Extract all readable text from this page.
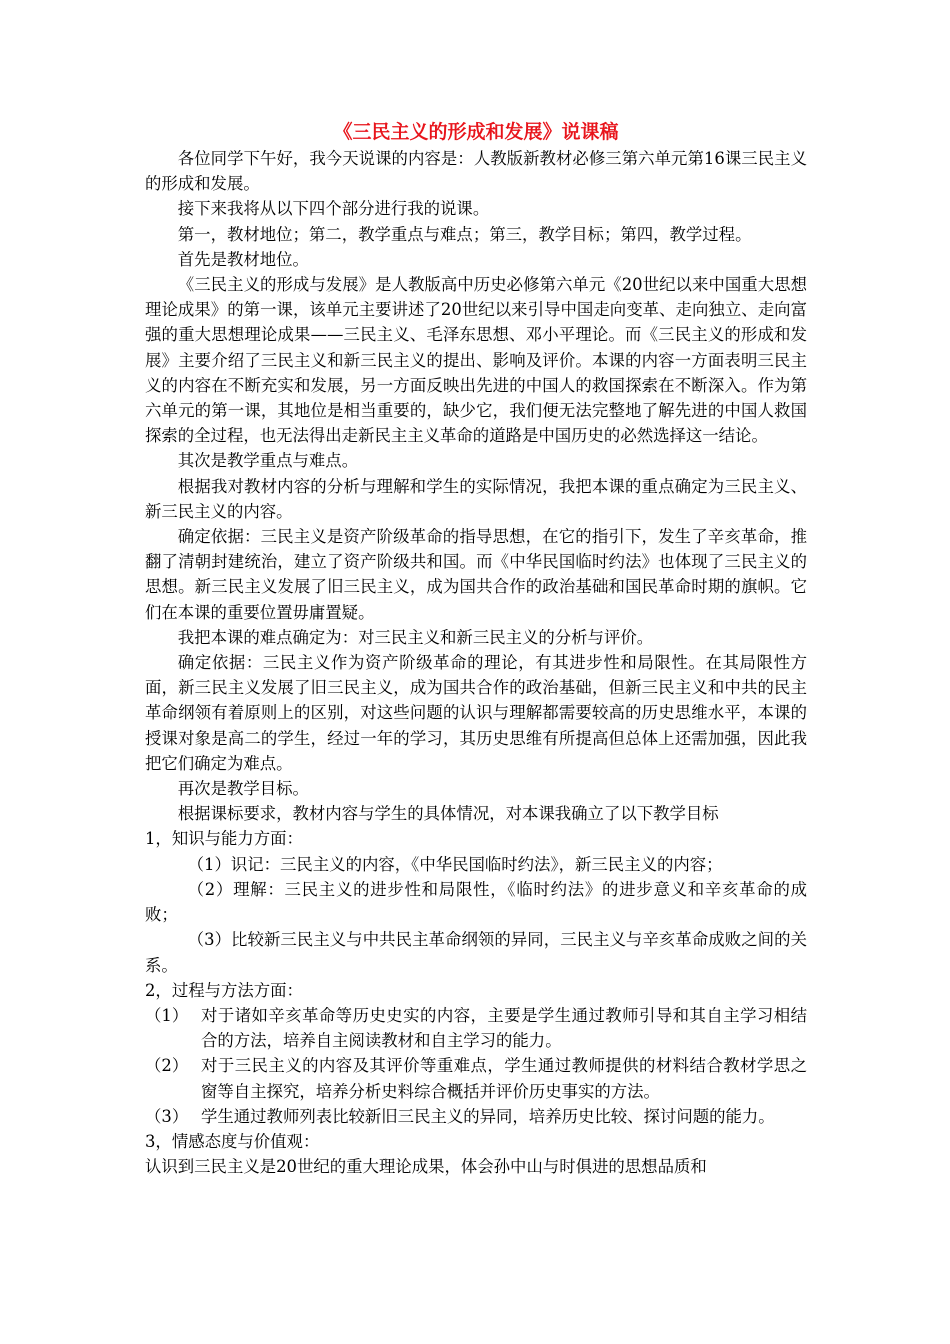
《三民主义的形成和发展》说课稿

各位同学下午好，我今天说课的内容是：人教版新教材必修三第六单元第16课三民主义的形成和发展。

接下来我将从以下四个部分进行我的说课。

第一，教材地位；第二，教学重点与难点；第三，教学目标；第四，教学过程。

首先是教材地位。

《三民主义的形成与发展》是人教版高中历史必修第六单元《20世纪以来中国重大思想理论成果》的第一课，该单元主要讲述了20世纪以来引导中国走向变革、走向独立、走向富强的重大思想理论成果——三民主义、毛泽东思想、邓小平理论。而《三民主义的形成和发展》主要介绍了三民主义和新三民主义的提出、影响及评价。本课的内容一方面表明三民主义的内容在不断充实和发展，另一方面反映出先进的中国人的救国探索在不断深入。作为第六单元的第一课，其地位是相当重要的，缺少它，我们便无法完整地了解先进的中国人救国探索的全过程，也无法得出走新民主主义革命的道路是中国历史的必然选择这一结论。

其次是教学重点与难点。

根据我对教材内容的分析与理解和学生的实际情况，我把本课的重点确定为三民主义、新三民主义的内容。

确定依据：三民主义是资产阶级革命的指导思想，在它的指引下，发生了辛亥革命，推翻了清朝封建统治，建立了资产阶级共和国。而《中华民国临时约法》也体现了三民主义的思想。新三民主义发展了旧三民主义，成为国共合作的政治基础和国民革命时期的旗帜。它们在本课的重要位置毋庸置疑。

我把本课的难点确定为：对三民主义和新三民主义的分析与评价。

确定依据：三民主义作为资产阶级革命的理论，有其进步性和局限性。在其局限性方面，新三民主义发展了旧三民主义，成为国共合作的政治基础，但新三民主义和中共的民主革命纲领有着原则上的区别，对这些问题的认识与理解都需要较高的历史思维水平，本课的授课对象是高二的学生，经过一年的学习，其历史思维有所提高但总体上还需加强，因此我把它们确定为难点。

再次是教学目标。

根据课标要求，教材内容与学生的具体情况，对本课我确立了以下教学目标

1，知识与能力方面：

（1）识记：三民主义的内容，《中华民国临时约法》，新三民主义的内容；

（2）理解：三民主义的进步性和局限性，《临时约法》的进步意义和辛亥革命的成败；

（3）比较新三民主义与中共民主革命纲领的异同，三民主义与辛亥革命成败之间的关系。

2，过程与方法方面：

（1） 对于诸如辛亥革命等历史史实的内容，主要是学生通过教师引导和其自主学习相结合的方法，培养自主阅读教材和自主学习的能力。
（2） 对于三民主义的内容及其评价等重难点，学生通过教师提供的材料结合教材学思之窗等自主探究，培养分析史料综合概括并评价历史事实的方法。
（3） 学生通过教师列表比较新旧三民主义的异同，培养历史比较、探讨问题的能力。

3，情感态度与价值观：

认识到三民主义是20世纪的重大理论成果，体会孙中山与时俱进的思想品质和
